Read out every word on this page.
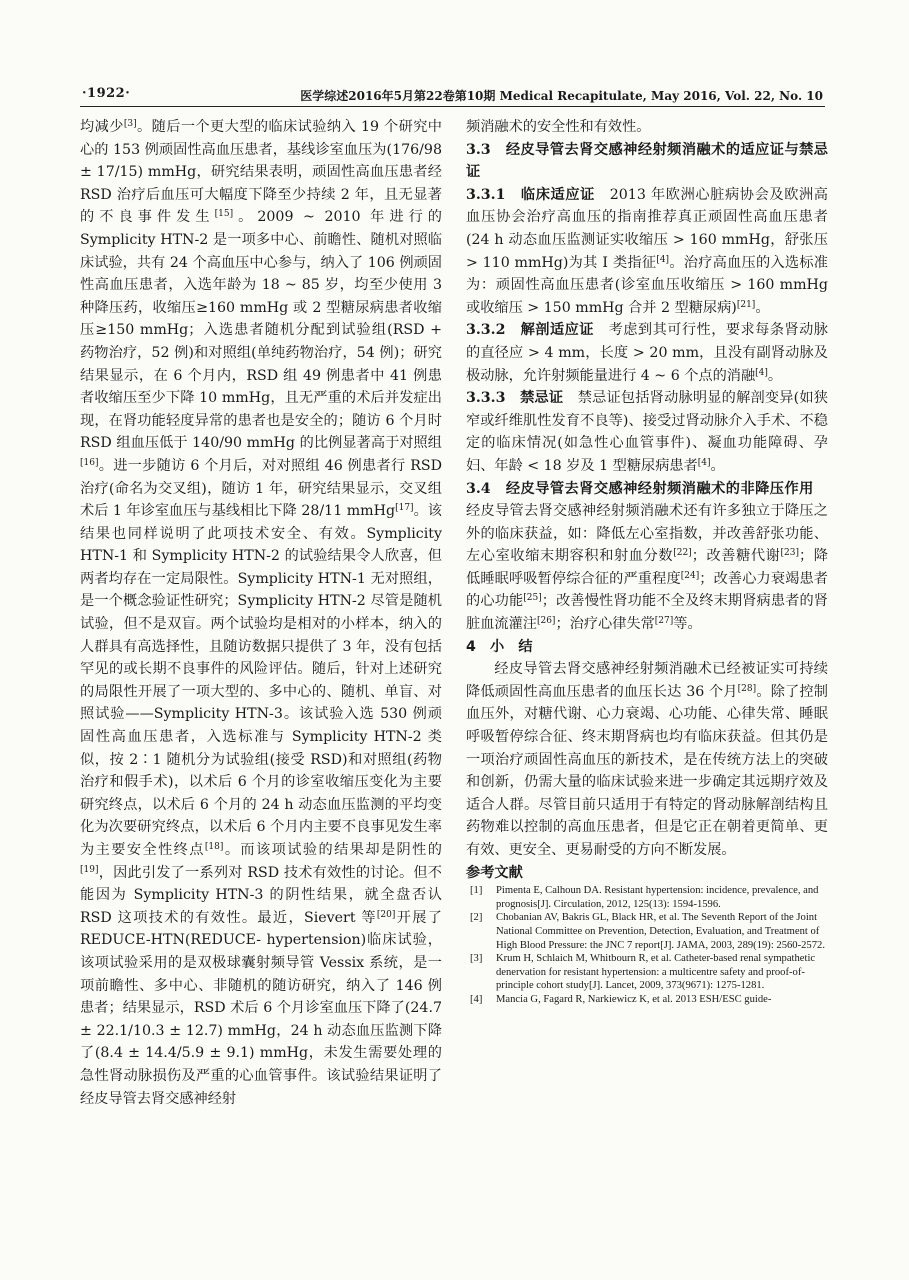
·1922·	医学综述2016年5月第22卷第10期 Medical Recapitulate, May 2016, Vol. 22, No. 10

均减少[3]。随后一个更大型的临床试验纳入 19 个研究中心的 153 例顽固性高血压患者，基线诊室血压为(176/98 ± 17/15) mmHg，研究结果表明，顽固性高血压患者经 RSD 治疗后血压可大幅度下降至少持续 2 年，且无显著的不良事件发生[15]。2009 ~ 2010 年进行的 Symplicity HTN-2 是一项多中心、前瞻性、随机对照临床试验，共有 24 个高血压中心参与，纳入了 106 例顽固性高血压患者，入选年龄为 18 ~ 85 岁，均至少使用 3 种降压药，收缩压≥160 mmHg 或 2 型糖尿病患者收缩压≥150 mmHg；入选患者随机分配到试验组(RSD + 药物治疗，52 例)和对照组(单纯药物治疗，54 例)；研究结果显示，在 6 个月内，RSD 组 49 例患者中 41 例患者收缩压至少下降 10 mmHg，且无严重的术后并发症出现，在肾功能轻度异常的患者也是安全的；随访 6 个月时 RSD 组血压低于 140/90 mmHg 的比例显著高于对照组[16]。进一步随访 6 个月后，对对照组 46 例患者行 RSD 治疗(命名为交叉组)，随访 1 年，研究结果显示，交叉组术后 1 年诊室血压与基线相比下降 28/11 mmHg[17]。该结果也同样说明了此项技术安全、有效。Symplicity HTN-1 和 Symplicity HTN-2 的试验结果令人欣喜，但两者均存在一定局限性。Symplicity HTN-1 无对照组，是一个概念验证性研究；Symplicity HTN-2 尽管是随机试验，但不是双盲。两个试验均是相对的小样本，纳入的人群具有高选择性，且随访数据只提供了 3 年，没有包括罕见的或长期不良事件的风险评估。随后，针对上述研究的局限性开展了一项大型的、多中心的、随机、单盲、对照试验——Symplicity HTN-3。该试验入选 530 例顽固性高血压患者，入选标准与 Symplicity HTN-2 类似，按 2∶1 随机分为试验组(接受 RSD)和对照组(药物治疗和假手术)，以术后 6 个月的诊室收缩压变化为主要研究终点，以术后 6 个月的 24 h 动态血压监测的平均变化为次要研究终点，以术后 6 个月内主要不良事见发生率为主要安全性终点[18]。而该项试验的结果却是阴性的[19]，因此引发了一系列对 RSD 技术有效性的讨论。但不能因为 Symplicity HTN-3 的阴性结果，就全盘否认 RSD 这项技术的有效性。最近，Sievert 等[20]开展了 REDUCE-HTN(REDUCE- hypertension)临床试验，该项试验采用的是双极球囊射频导管 Vessix 系统，是一项前瞻性、多中心、非随机的随访研究，纳入了 146 例患者；结果显示，RSD 术后 6 个月诊室血压下降了(24.7 ± 22.1/10.3 ± 12.7) mmHg，24 h 动态血压监测下降了(8.4 ± 14.4/5.9 ± 9.1) mmHg，未发生需要处理的急性肾动脉损伤及严重的心血管事件。该试验结果证明了经皮导管去肾交感神经射

频消融术的安全性和有效性。

3.3　经皮导管去肾交感神经射频消融术的适应证与禁忌证

3.3.1　临床适应证　2013 年欧洲心脏病协会及欧洲高血压协会治疗高血压的指南推荐真正顽固性高血压患者(24 h 动态血压监测证实收缩压 > 160 mmHg，舒张压 > 110 mmHg)为其 Ⅰ 类指征[4]。治疗高血压的入选标准为：顽固性高血压患者(诊室血压收缩压 > 160 mmHg 或收缩压 > 150 mmHg 合并 2 型糖尿病)[21]。

3.3.2　解剖适应证　考虑到其可行性，要求每条肾动脉的直径应 > 4 mm，长度 > 20 mm，且没有副肾动脉及极动脉，允许射频能量进行 4 ~ 6 个点的消融[4]。

3.3.3　禁忌证　禁忌证包括肾动脉明显的解剖变异(如狭窄或纤维肌性发育不良等)、接受过肾动脉介入手术、不稳定的临床情况(如急性心血管事件)、凝血功能障碍、孕妇、年龄 < 18 岁及 1 型糖尿病患者[4]。

3.4　经皮导管去肾交感神经射频消融术的非降压作用　经皮导管去肾交感神经射频消融术还有许多独立于降压之外的临床获益，如：降低左心室指数，并改善舒张功能、左心室收缩末期容积和射血分数[22]；改善糖代谢[23]；降低睡眠呼吸暂停综合征的严重程度[24]；改善心力衰竭患者的心功能[25]；改善慢性肾功能不全及终末期肾病患者的肾脏血流灌注[26]；治疗心律失常[27]等。

4　小　结

经皮导管去肾交感神经射频消融术已经被证实可持续降低顽固性高血压患者的血压长达 36 个月[28]。除了控制血压外，对糖代谢、心力衰竭、心功能、心律失常、睡眠呼吸暂停综合征、终末期肾病也均有临床获益。但其仍是一项治疗顽固性高血压的新技术，是在传统方法上的突破和创新，仍需大量的临床试验来进一步确定其远期疗效及适合人群。尽管目前只适用于有特定的肾动脉解剖结构且药物难以控制的高血压患者，但是它正在朝着更简单、更有效、更安全、更易耐受的方向不断发展。

参考文献

[1] Pimenta E, Calhoun DA. Resistant hypertension: incidence, prevalence, and prognosis[J]. Circulation, 2012, 125(13): 1594-1596.
[2] Chobanian AV, Bakris GL, Black HR, et al. The Seventh Report of the Joint National Committee on Prevention, Detection, Evaluation, and Treatment of High Blood Pressure: the JNC 7 report[J]. JAMA, 2003, 289(19): 2560-2572.
[3] Krum H, Schlaich M, Whitbourn R, et al. Catheter-based renal sympathetic denervation for resistant hypertension: a multicentre safety and proof-of-principle cohort study[J]. Lancet, 2009, 373(9671): 1275-1281.
[4] Mancia G, Fagard R, Narkiewicz K, et al. 2013 ESH/ESC guide-
